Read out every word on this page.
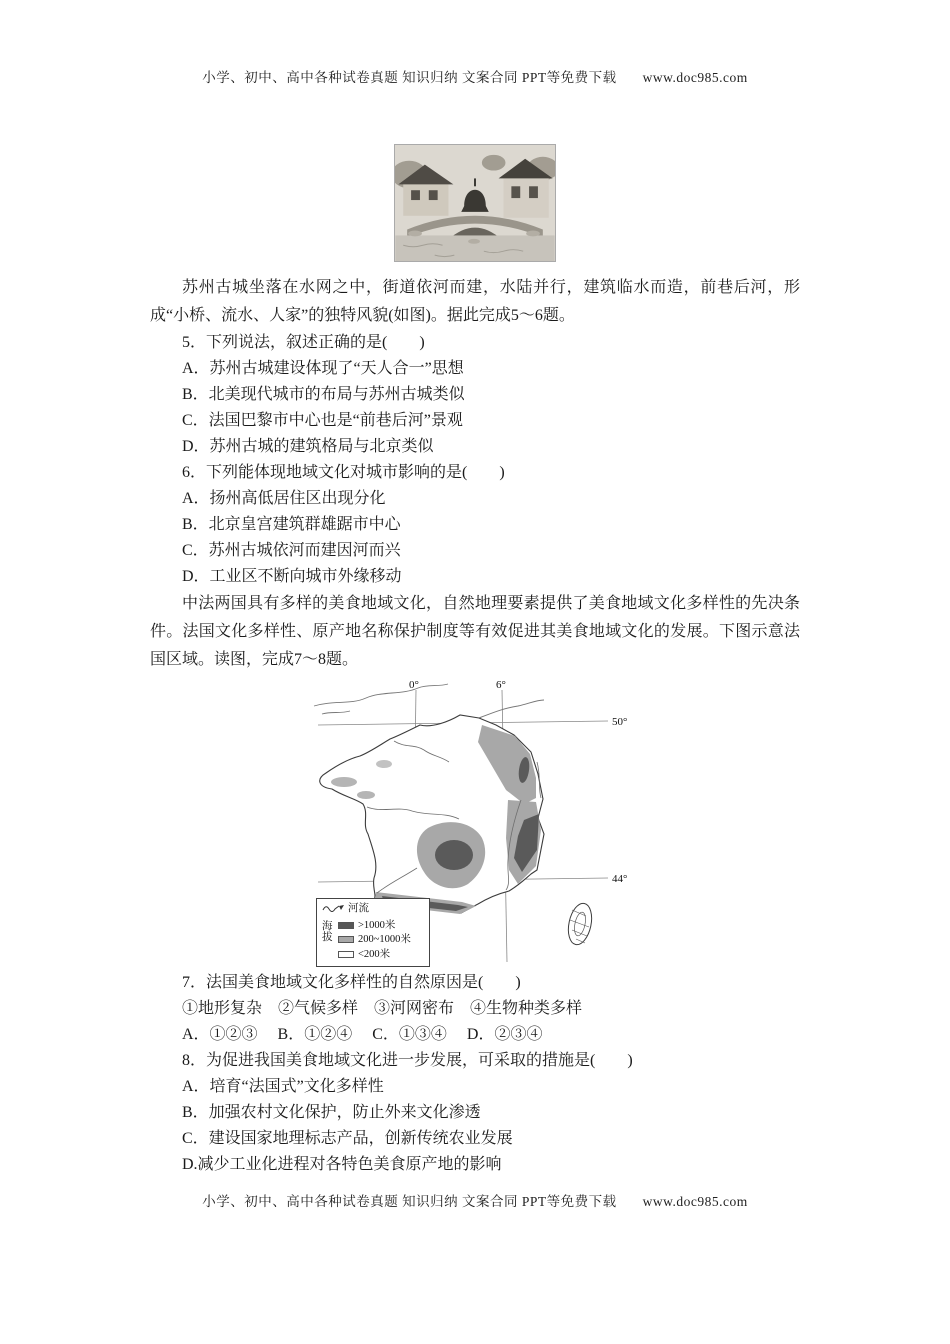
小学、初中、高中各种试卷真题 知识归纳 文案合同 PPT等免费下载 www.doc985.com

苏州古城坐落在水网之中，街道依河而建，水陆并行，建筑临水而造，前巷后河，形成“小桥、流水、人家”的独特风貌(如图)。据此完成5～6题。

5．下列说法，叙述正确的是(　　)
A．苏州古城建设体现了“天人合一”思想
B．北美现代城市的布局与苏州古城类似
C．法国巴黎市中心也是“前巷后河”景观
D．苏州古城的建筑格局与北京类似
6．下列能体现地域文化对城市影响的是(　　)
A．扬州高低居住区出现分化
B．北京皇宫建筑群雄踞市中心
C．苏州古城依河而建因河而兴
D．工业区不断向城市外缘移动

中法两国具有多样的美食地域文化，自然地理要素提供了美食地域文化多样性的先决条件。法国文化多样性、原产地名称保护制度等有效促进其美食地域文化的发展。下图示意法国区域。读图，完成7～8题。

0°	6°
50°
44°
河流
海拔
>1000米
200~1000米
<200米
7．法国美食地域文化多样性的自然原因是(　　)
①地形复杂　②气候多样　③河网密布　④生物种类多样
A．①②③　 B．①②④　 C．①③④　 D．②③④
8．为促进我国美食地域文化进一步发展，可采取的措施是(　　)
A．培育“法国式”文化多样性
B．加强农村文化保护，防止外来文化渗透
C．建设国家地理标志产品，创新传统农业发展
D.减少工业化进程对各特色美食原产地的影响
小学、初中、高中各种试卷真题 知识归纳 文案合同 PPT等免费下载 www.doc985.com
